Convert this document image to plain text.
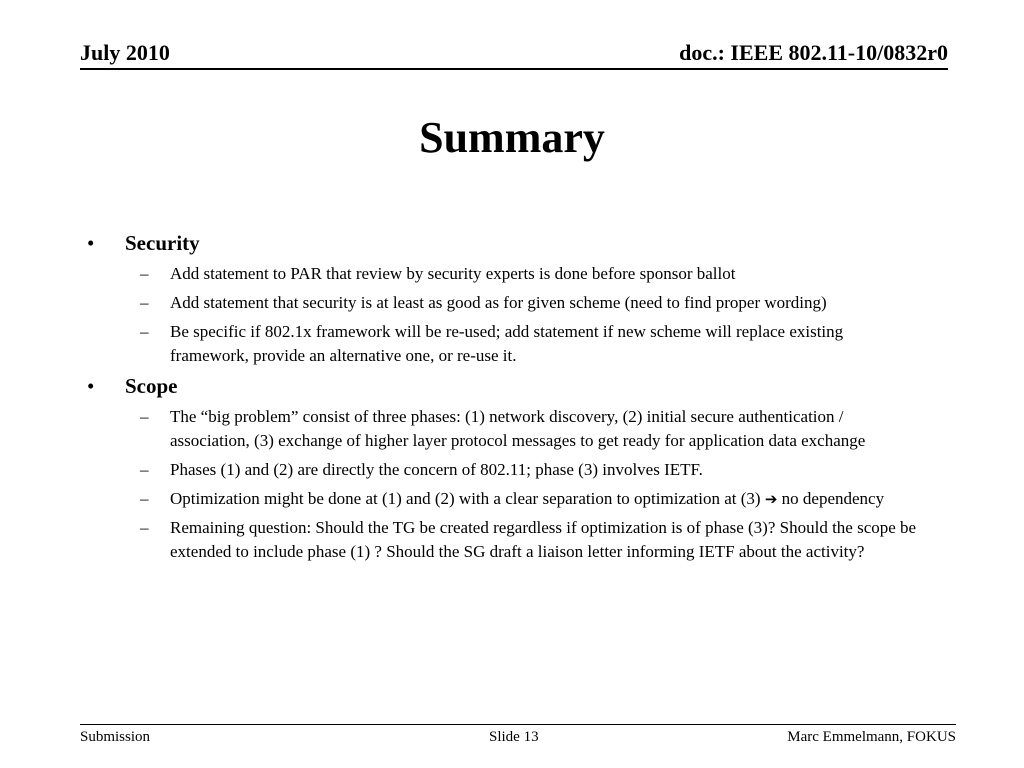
July 2010	doc.: IEEE 802.11-10/0832r0
Summary
• Security
– Add statement to PAR that review by security experts is done before sponsor ballot
– Add statement that security is at least as good as for given scheme (need to find proper wording)
– Be specific if 802.1x framework will be re-used; add statement if new scheme will replace existing framework, provide an alternative one, or re-use it.
• Scope
– The “big problem” consist of three phases: (1) network discovery, (2) initial secure authentication / association, (3) exchange of higher layer protocol messages to get ready for application data exchange
– Phases (1) and (2) are directly the concern of 802.11; phase (3) involves IETF.
– Optimization might be done at (1) and (2) with a clear separation to optimization at (3) ➔ no dependency
– Remaining question: Should the TG be created regardless if optimization is of phase (3)? Should the scope be extended to include phase (1) ? Should the SG draft a liaison letter informing IETF about the activity?
Submission	Slide 13	Marc Emmelmann, FOKUS
